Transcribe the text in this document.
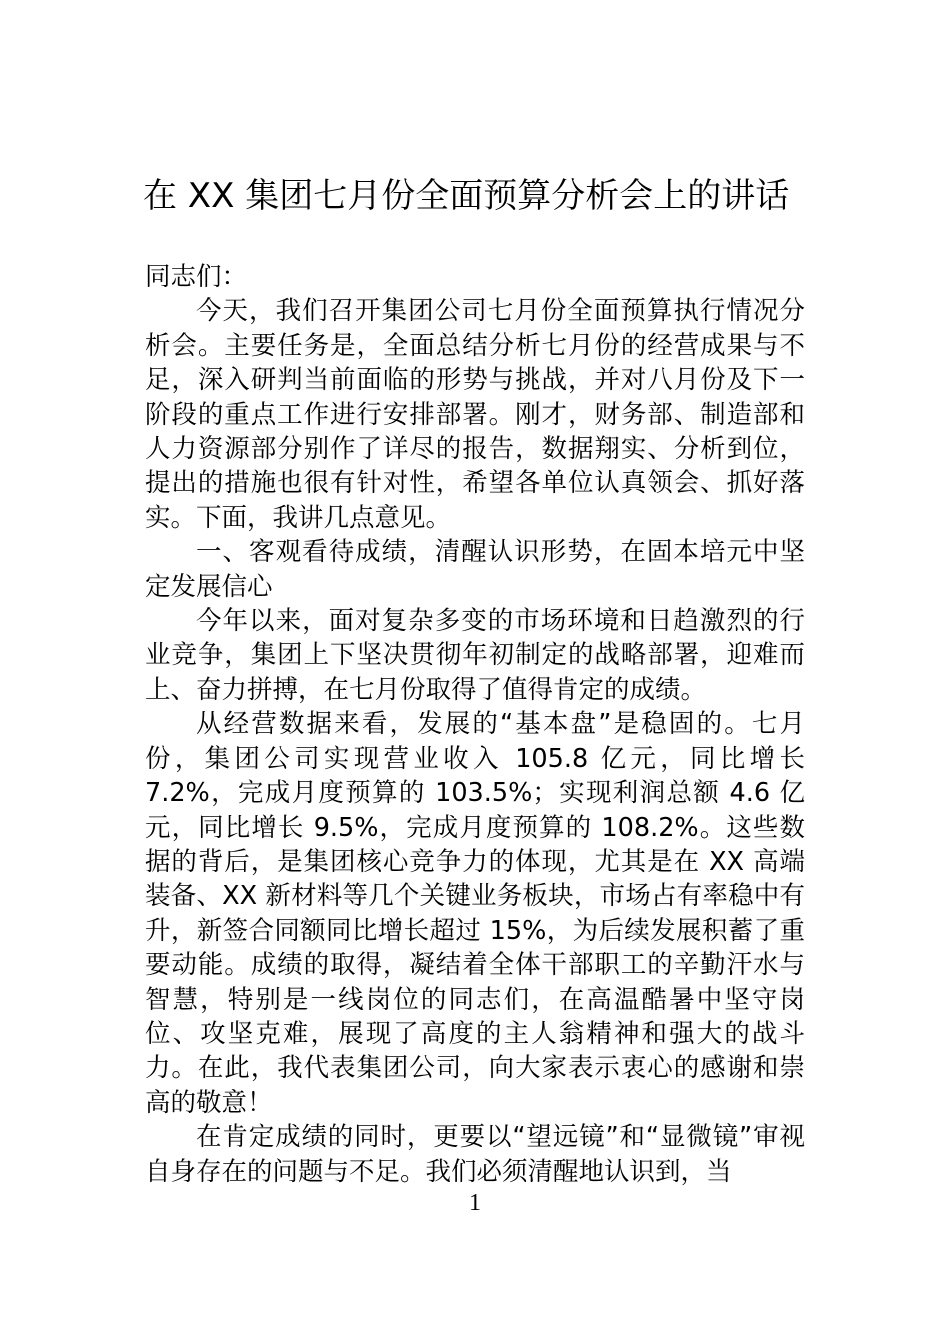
在 XX 集团七月份全面预算分析会上的讲话

同志们：

今天，我们召开集团公司七月份全面预算执行情况分析会。主要任务是，全面总结分析七月份的经营成果与不足，深入研判当前面临的形势与挑战，并对八月份及下一阶段的重点工作进行安排部署。刚才，财务部、制造部和人力资源部分别作了详尽的报告，数据翔实、分析到位，提出的措施也很有针对性，希望各单位认真领会、抓好落实。下面，我讲几点意见。

一、客观看待成绩，清醒认识形势，在固本培元中坚定发展信心

今年以来，面对复杂多变的市场环境和日趋激烈的行业竞争，集团上下坚决贯彻年初制定的战略部署，迎难而上、奋力拼搏，在七月份取得了值得肯定的成绩。

从经营数据来看，发展的“基本盘”是稳固的。七月份，集团公司实现营业收入 105.8 亿元，同比增长 7.2%，完成月度预算的 103.5%；实现利润总额 4.6 亿元，同比增长 9.5%，完成月度预算的 108.2%。这些数据的背后，是集团核心竞争力的体现，尤其是在 XX 高端装备、XX 新材料等几个关键业务板块，市场占有率稳中有升，新签合同额同比增长超过 15%，为后续发展积蓄了重要动能。成绩的取得，凝结着全体干部职工的辛勤汗水与智慧，特别是一线岗位的同志们，在高温酷暑中坚守岗位、攻坚克难，展现了高度的主人翁精神和强大的战斗力。在此，我代表集团公司，向大家表示衷心的感谢和崇高的敬意！

在肯定成绩的同时，更要以“望远镜”和“显微镜”审视自身存在的问题与不足。我们必须清醒地认识到，当

1
